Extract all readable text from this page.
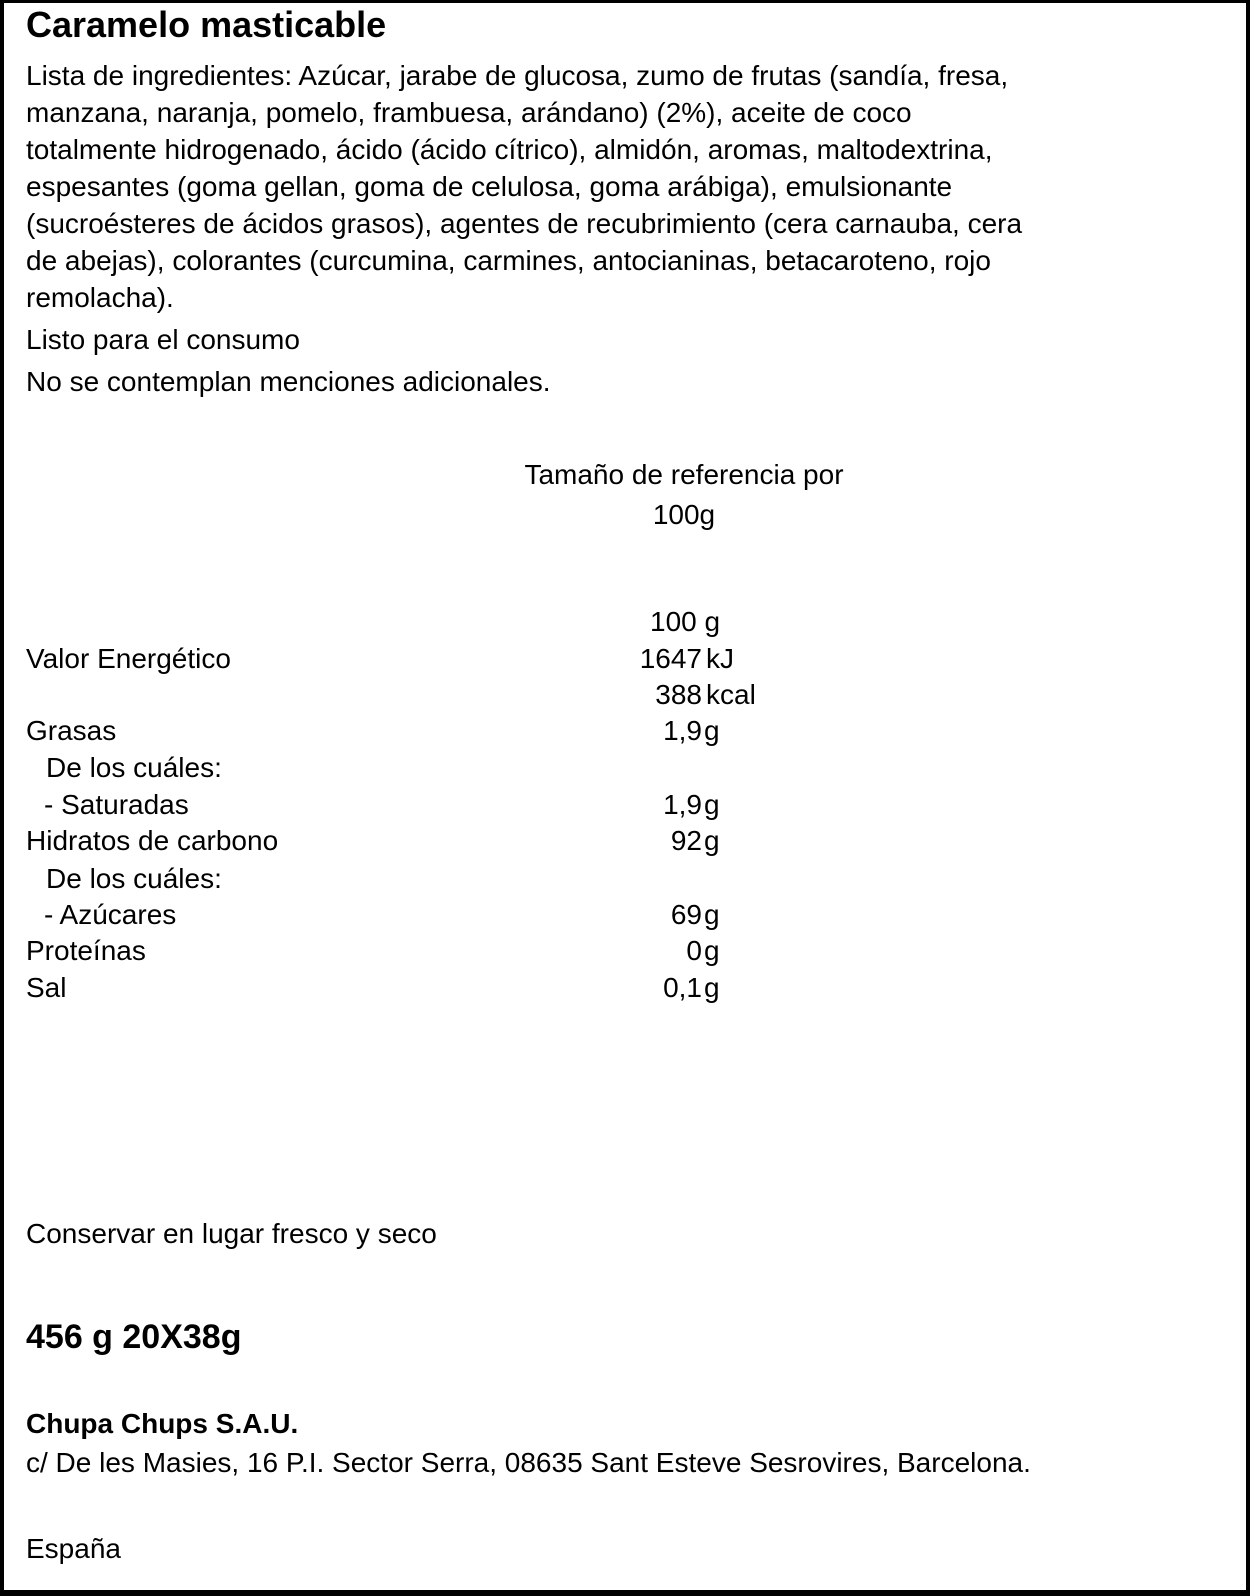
Caramelo masticable
Lista de ingredientes: Azúcar, jarabe de glucosa, zumo de frutas (sandía, fresa,
manzana, naranja, pomelo, frambuesa, arándano) (2%), aceite de coco
totalmente hidrogenado, ácido (ácido cítrico), almidón, aromas, maltodextrina,
espesantes (goma gellan, goma de celulosa, goma arábiga), emulsionante
(sucroésteres de ácidos grasos), agentes de recubrimiento (cera carnauba, cera
de abejas), colorantes (curcumina, carmines, antocianinas, betacaroteno, rojo
remolacha).
Listo para el consumo
No se contemplan menciones adicionales.
Tamaño de referencia por
100g
100 g
Valor Energético	1647 kJ
388 kcal
Grasas	1,9 g
De los cuáles:
- Saturadas	1,9 g
Hidratos de carbono	92 g
De los cuáles:
- Azúcares	69 g
Proteínas	0 g
Sal	0,1 g
Conservar en lugar fresco y seco
456 g 20X38g
Chupa Chups S.A.U.
c/ De les Masies, 16 P.I. Sector Serra, 08635 Sant Esteve Sesrovires, Barcelona.
España
